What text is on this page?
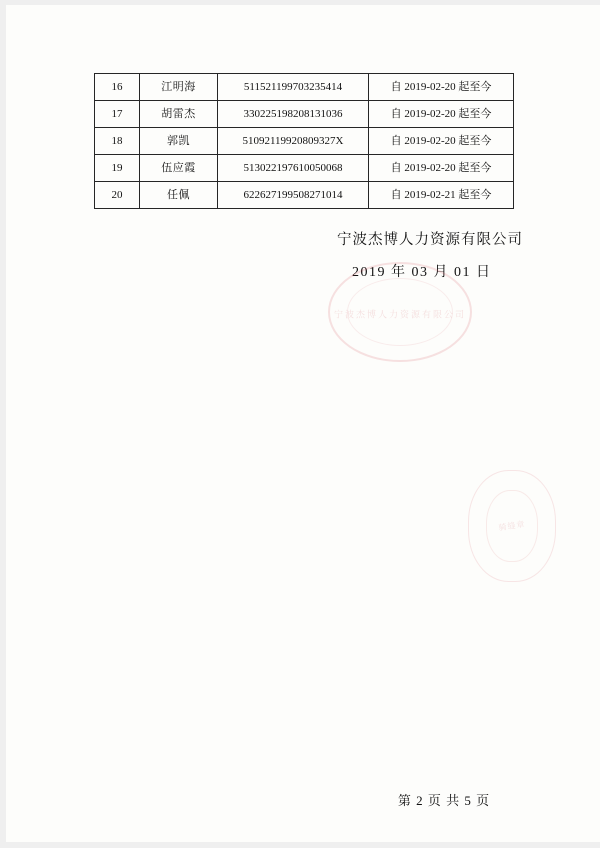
16	江明海	511521199703235414	自 2019-02-20 起至今
17	胡雷杰	330225198208131036	自 2019-02-20 起至今
18	郭凯	51092119920809327X	自 2019-02-20 起至今
19	伍应霞	513022197610050068	自 2019-02-20 起至今
20	任佩	622627199508271014	自 2019-02-21 起至今
宁波杰博人力资源有限公司
2019 年 03 月 01 日
宁波杰博人力资源有限公司
骑缝章
第 2 页 共 5 页
